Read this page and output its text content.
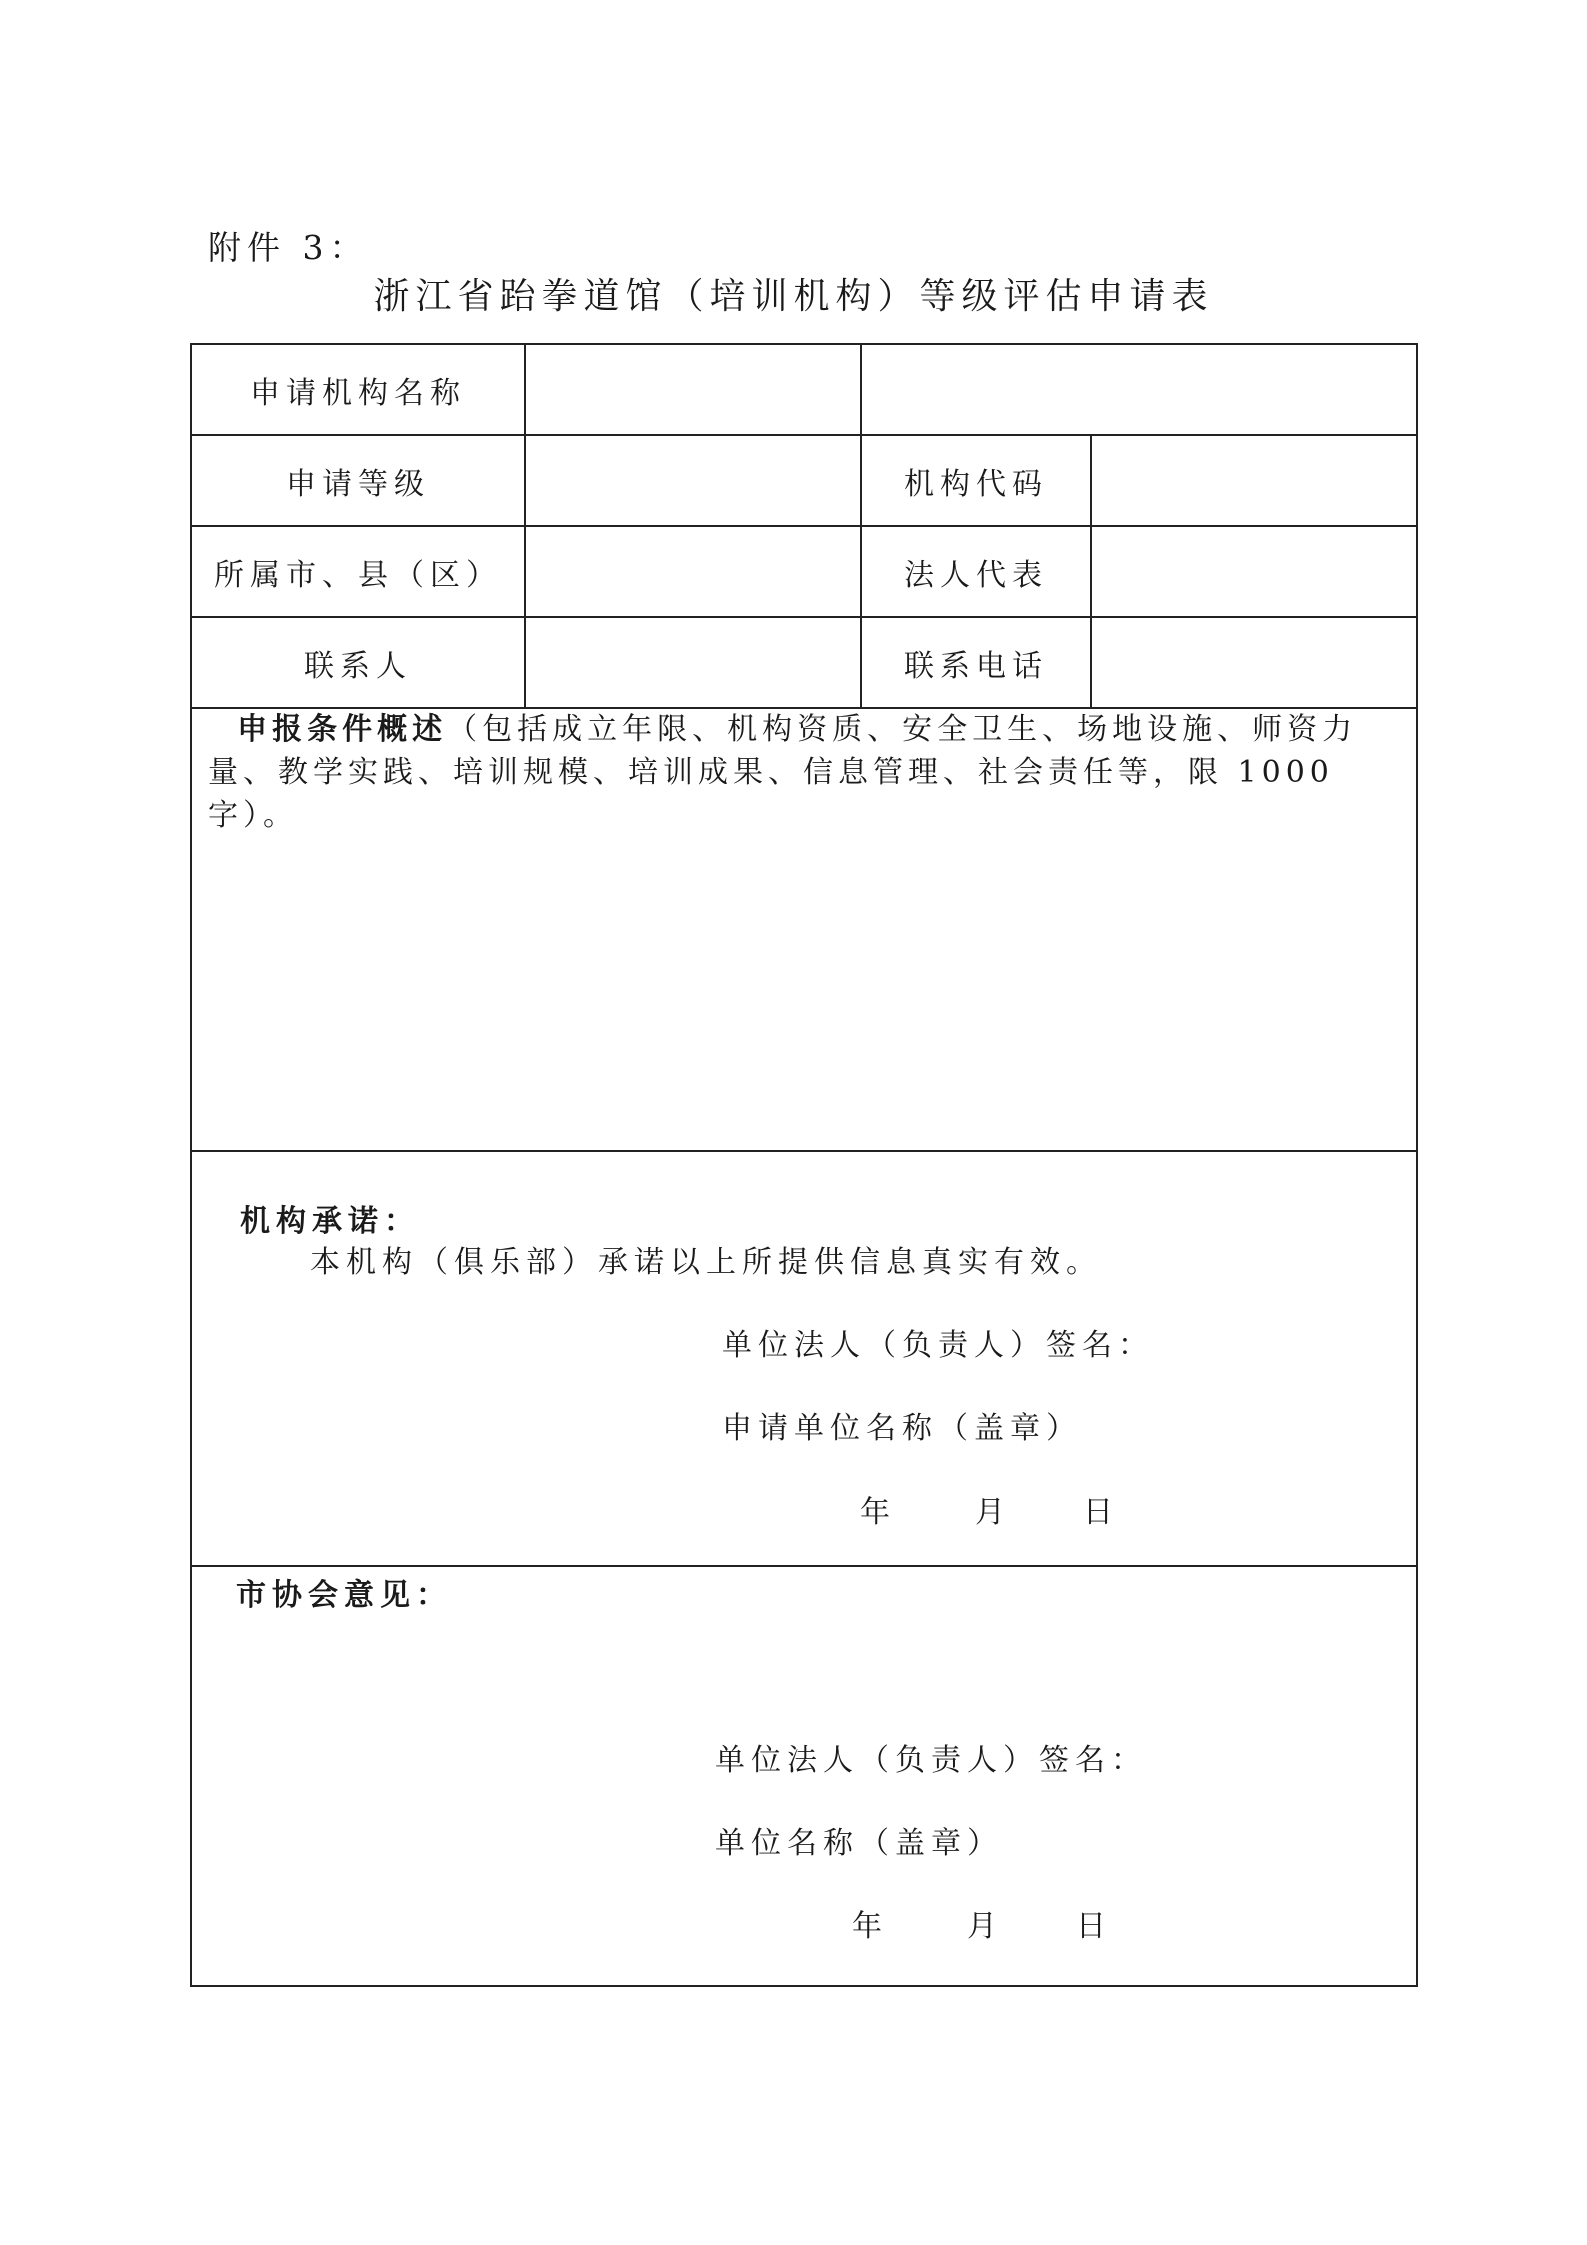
附件 3：
浙江省跆拳道馆（培训机构）等级评估申请表
申请机构名称
申请等级	机构代码
所属市、县（区）	法人代表
联系人	联系电话
申报条件概述（包括成立年限、机构资质、安全卫生、场地设施、师资力量、教学实践、培训规模、培训成果、信息管理、社会责任等，限 1000 字）。
机构承诺：
本机构（俱乐部）承诺以上所提供信息真实有效。
单位法人（负责人）签名：
申请单位名称（盖章）
年	月 日
市协会意见：
单位法人（负责人）签名：
单位名称（盖章）
年	月 日
